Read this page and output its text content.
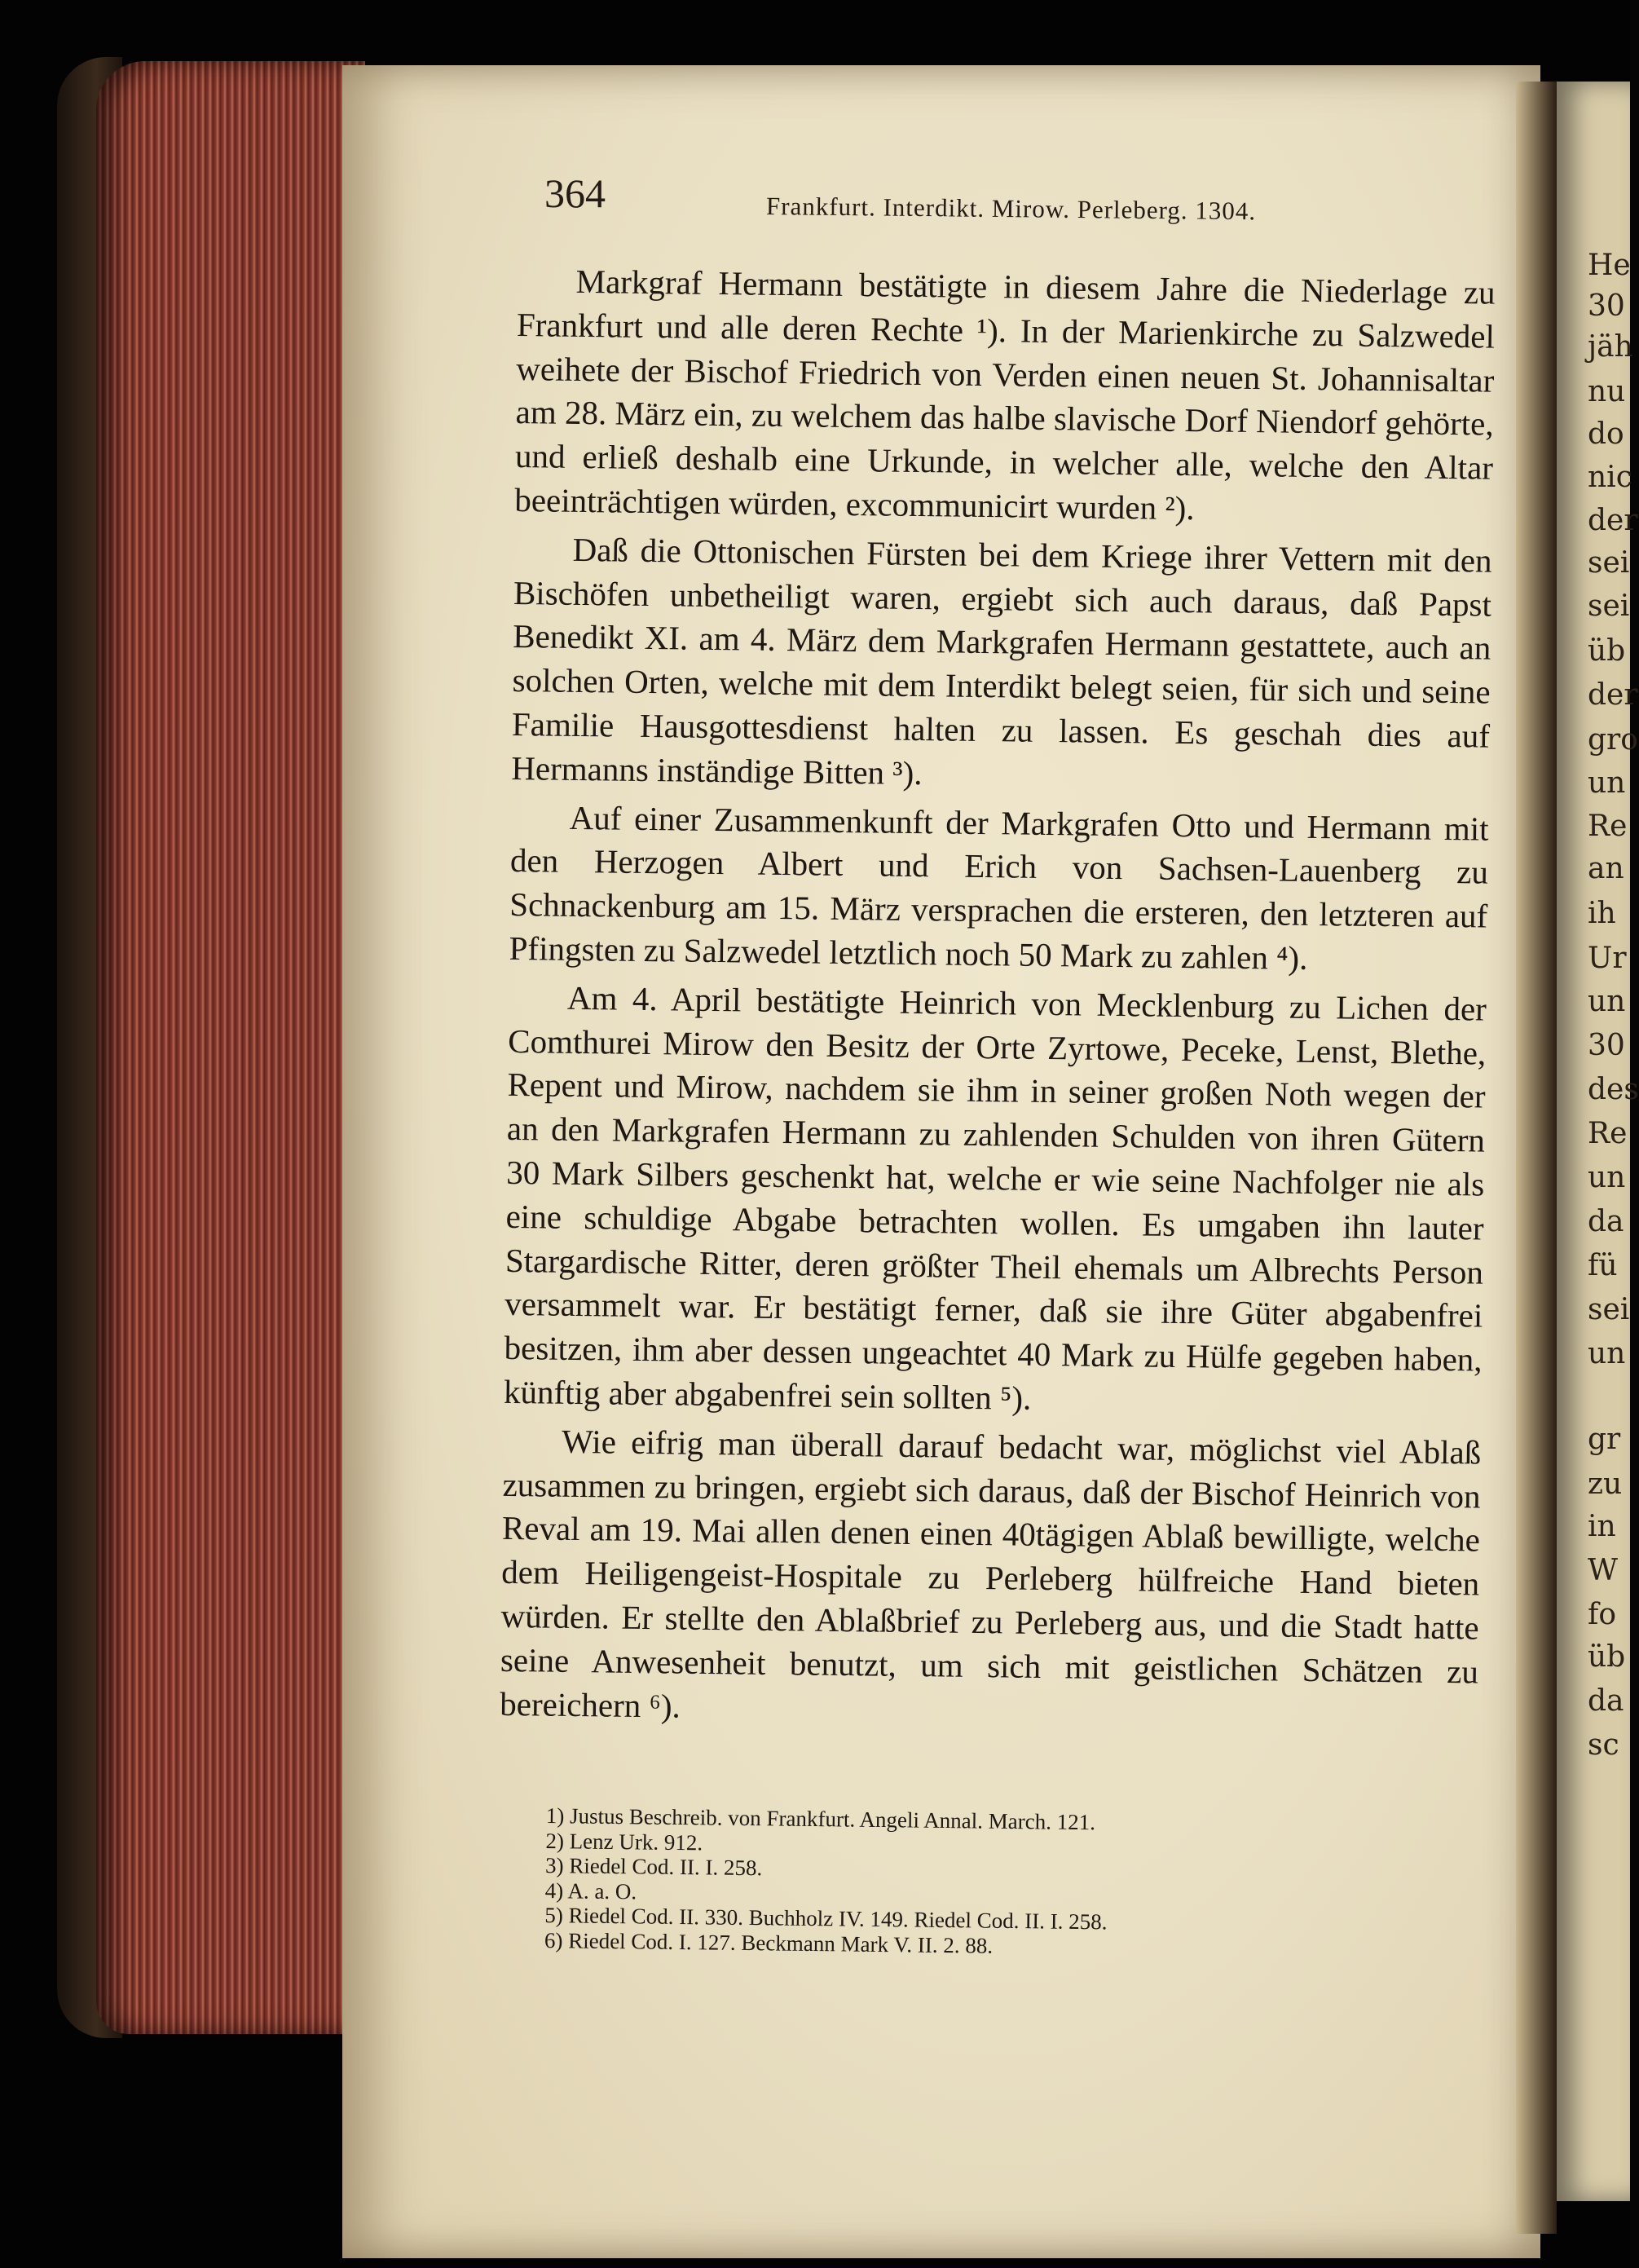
He
30
jäh
nu
do
nic
der
sei
sei
üb
der
gro
un
Re
an
ih
Ur
un
30
des
Re
un
da
fü
sei
un
gr
zu
in
W
fo
üb
da
sc
364	Frankfurt. Interdikt. Mirow. Perleberg. 1304.

Markgraf Hermann bestätigte in diesem Jahre die Niederlage zu Frankfurt und alle deren Rechte ¹). In der Marienkirche zu Salzwedel weihete der Bischof Friedrich von Verden einen neuen St. Johannisaltar am 28. März ein, zu welchem das halbe slavische Dorf Niendorf gehörte, und erließ deshalb eine Urkunde, in welcher alle, welche den Altar beeinträchtigen würden, excommunicirt wurden ²).

Daß die Ottonischen Fürsten bei dem Kriege ihrer Vettern mit den Bischöfen unbetheiligt waren, ergiebt sich auch daraus, daß Papst Benedikt XI. am 4. März dem Markgrafen Hermann gestattete, auch an solchen Orten, welche mit dem Interdikt belegt seien, für sich und seine Familie Hausgottesdienst halten zu lassen. Es geschah dies auf Hermanns inständige Bitten ³).

Auf einer Zusammenkunft der Markgrafen Otto und Hermann mit den Herzogen Albert und Erich von Sachsen-Lauenberg zu Schnackenburg am 15. März versprachen die ersteren, den letzteren auf Pfingsten zu Salzwedel letztlich noch 50 Mark zu zahlen ⁴).

Am 4. April bestätigte Heinrich von Mecklenburg zu Lichen der Comthurei Mirow den Besitz der Orte Zyrtowe, Pecеke, Lenst, Blethe, Repent und Mirow, nachdem sie ihm in seiner großen Noth wegen der an den Markgrafen Hermann zu zahlenden Schulden von ihren Gütern 30 Mark Silbers geschenkt hat, welche er wie seine Nachfolger nie als eine schuldige Abgabe betrachten wollen. Es umgaben ihn lauter Stargardische Ritter, deren größter Theil ehemals um Albrechts Person versammelt war. Er bestätigt ferner, daß sie ihre Güter abgabenfrei besitzen, ihm aber dessen ungeachtet 40 Mark zu Hülfe gegeben haben, künftig aber abgabenfrei sein sollten ⁵).

Wie eifrig man überall darauf bedacht war, möglichst viel Ablaß zusammen zu bringen, ergiebt sich daraus, daß der Bischof Heinrich von Reval am 19. Mai allen denen einen 40tägigen Ablaß bewilligte, welche dem Heiligengeist-Hospitale zu Perleberg hülfreiche Hand bieten würden. Er stellte den Ablaßbrief zu Perleberg aus, und die Stadt hatte seine Anwesenheit benutzt, um sich mit geistlichen Schätzen zu bereichern ⁶).

1) Justus Beschreib. von Frankfurt. Angeli Annal. March. 121.
2) Lenz Urk. 912.
3) Riedel Cod. II. I. 258.
4) A. a. O.
5) Riedel Cod. II. 330. Buchholz IV. 149. Riedel Cod. II. I. 258.
6) Riedel Cod. I. 127. Beckmann Mark V. II. 2. 88.
